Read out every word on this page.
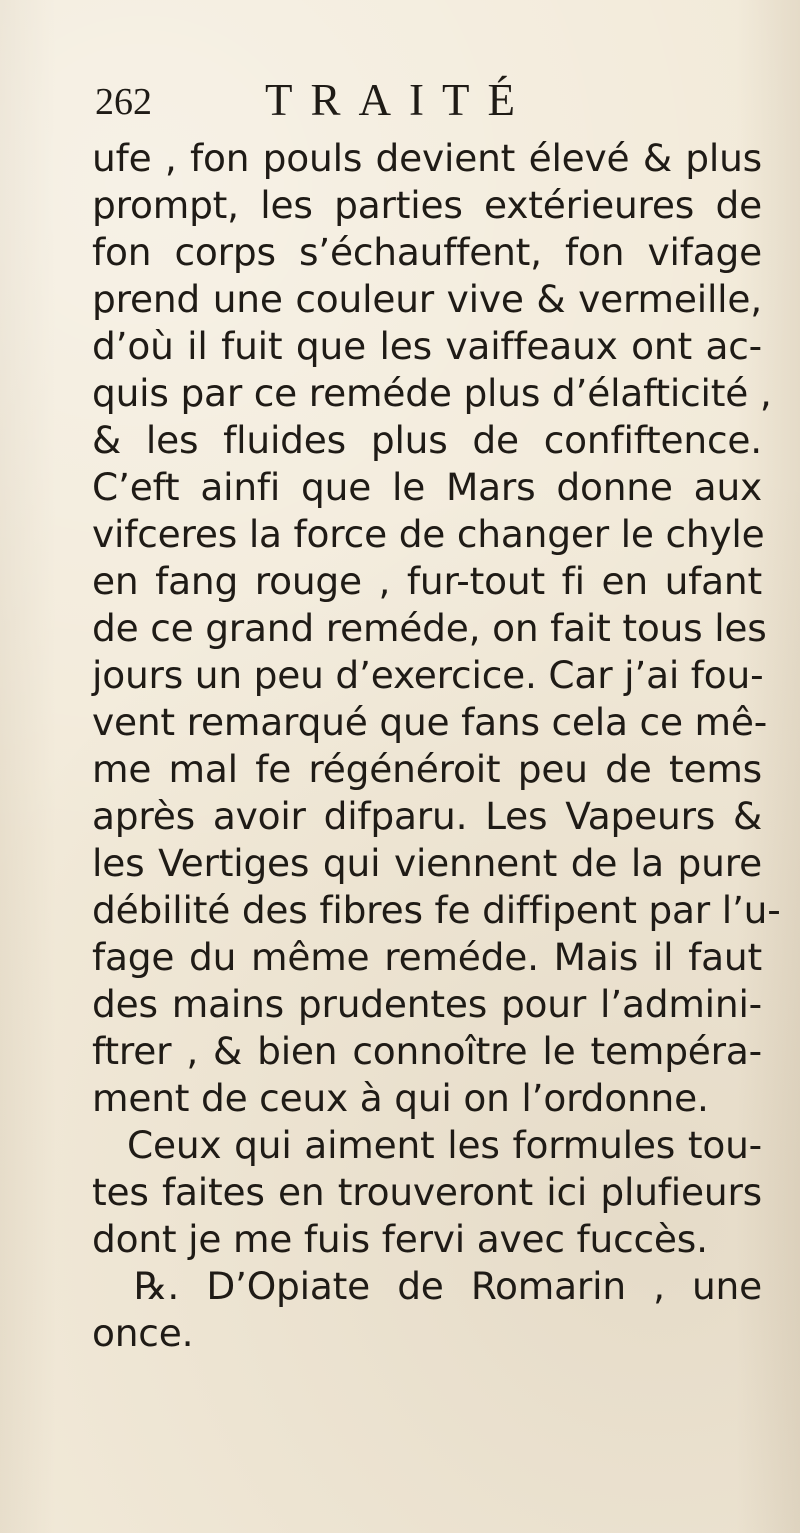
262	TRAITÉ
ufe , fon pouls devient élevé & plus
prompt, les parties extérieures de
fon corps s’échauffent, fon vifage
prend une couleur vive & vermeille,
d’où il fuit que les vaiffeaux ont ac-
quis par ce reméde plus d’élafticité ,
& les fluides plus de confiftence.
C’eft ainfi que le Mars donne aux
vifceres la force de changer le chyle
en fang rouge , fur-tout fi en ufant
de ce grand reméde, on fait tous les
jours un peu d’exercice. Car j’ai fou-
vent remarqué que fans cela ce mê-
me mal fe régénéroit peu de tems
après avoir difparu. Les Vapeurs &
les Vertiges qui viennent de la pure
débilité des fibres fe diffipent par l’u-
fage du même reméde. Mais il faut
des mains prudentes pour l’admini-
ftrer , & bien connoître le tempéra-
ment de ceux à qui on l’ordonne.
Ceux qui aiment les formules tou-
tes faites en trouveront ici plufieurs
dont je me fuis fervi avec fuccès.
℞. D’Opiate de Romarin , une
once.
